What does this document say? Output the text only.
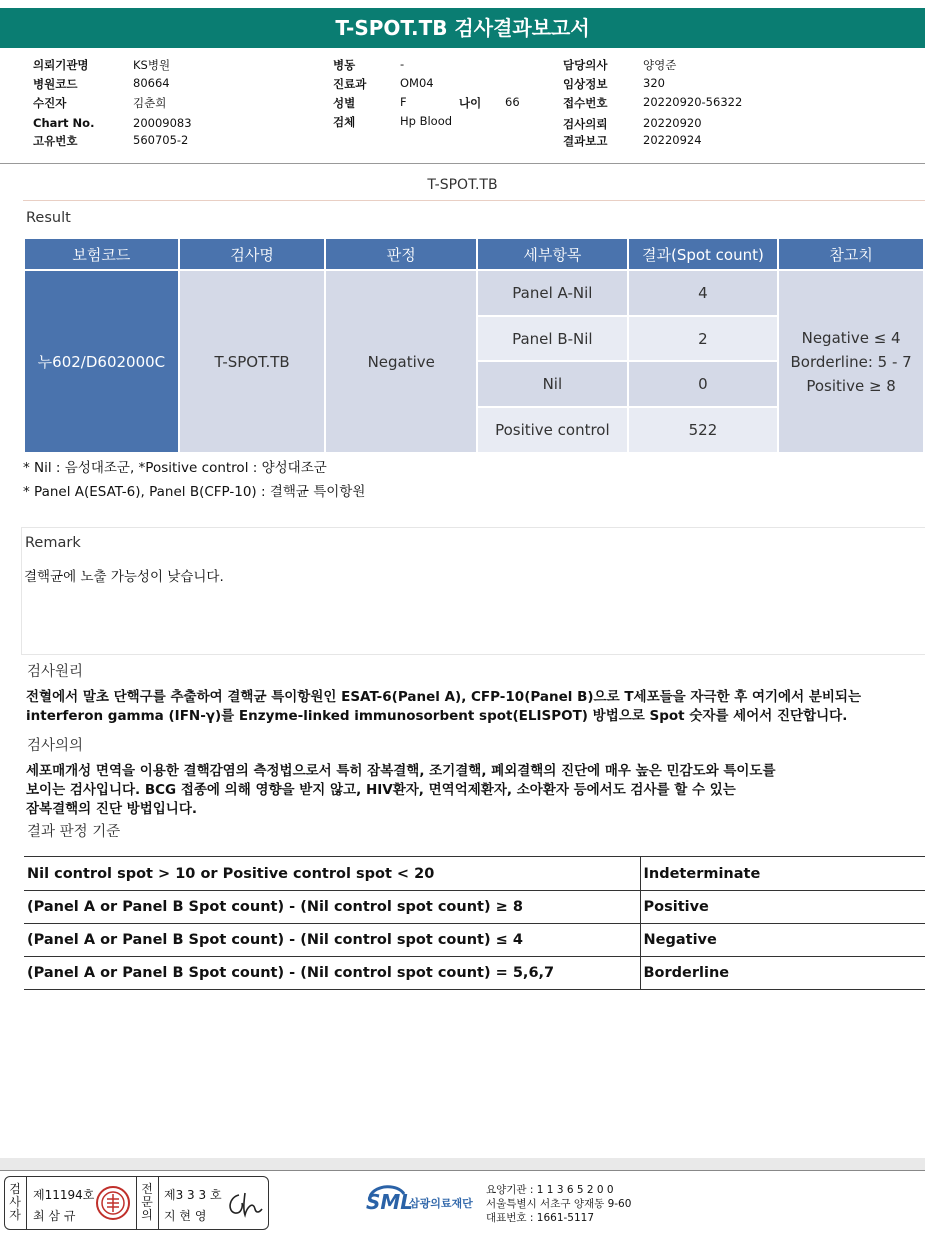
T-SPOT.TB 검사결과보고서
의뢰기관명	KS병원
병원코드	80664
수진자	김춘희
Chart No.	20009083
고유번호	560705-2
병동	-
진료과	OM04
성별	F	나이 66
검체	Hp Blood
담당의사	양영준
임상정보	320
접수번호	20220920-56322
검사의뢰	20220920
결과보고	20220924
T-SPOT.TB
Result
보험코드	검사명	판정	세부항목	결과(Spot count)	참고치
누602/D602000C	T-SPOT.TB	Negative	Panel A-Nil	4	Negative ≤ 4
Borderline: 5 - 7
Positive ≥ 8

			Panel B-Nil	2	
			Nil	0	
			Positive control	522	
* Nil : 음성대조군, *Positive control : 양성대조군
* Panel A(ESAT-6), Panel B(CFP-10) : 결핵균 특이항원
Remark
결핵균에 노출 가능성이 낮습니다.
검사원리
전혈에서 말초 단핵구를 추출하여 결핵균 특이항원인 ESAT-6(Panel A), CFP-10(Panel B)으로 T세포들을 자극한 후 여기에서 분비되는
interferon gamma (IFN-γ)를 Enzyme-linked immunosorbent spot(ELISPOT) 방법으로 Spot 숫자를 세어서 진단합니다.
검사의의
세포매개성 면역을 이용한 결핵감염의 측정법으로서 특히 잠복결핵, 조기결핵, 폐외결핵의 진단에 매우 높은 민감도와 특이도를
보이는 검사입니다. BCG 접종에 의해 영향을 받지 않고, HIV환자, 면역억제환자, 소아환자 등에서도 검사를 할 수 있는
잠복결핵의 진단 방법입니다.
결과 판정 기준
Nil control spot > 10 or Positive control spot < 20	Indeterminate
(Panel A or Panel B Spot count) - (Nil control spot count) ≥ 8	Positive
(Panel A or Panel B Spot count) - (Nil control spot count) ≤ 4	Negative
(Panel A or Panel B Spot count) - (Nil control spot count) = 5,6,7	Borderline
검
사
자
제11194호
최 삼 규
전
문
의
제3 3 3 호
지 현 영
SML
삼광의료재단
요양기관 : 1 1 3 6 5 2 0 0
서울특별시 서초구 양재동 9-60
대표번호 : 1661-5117
